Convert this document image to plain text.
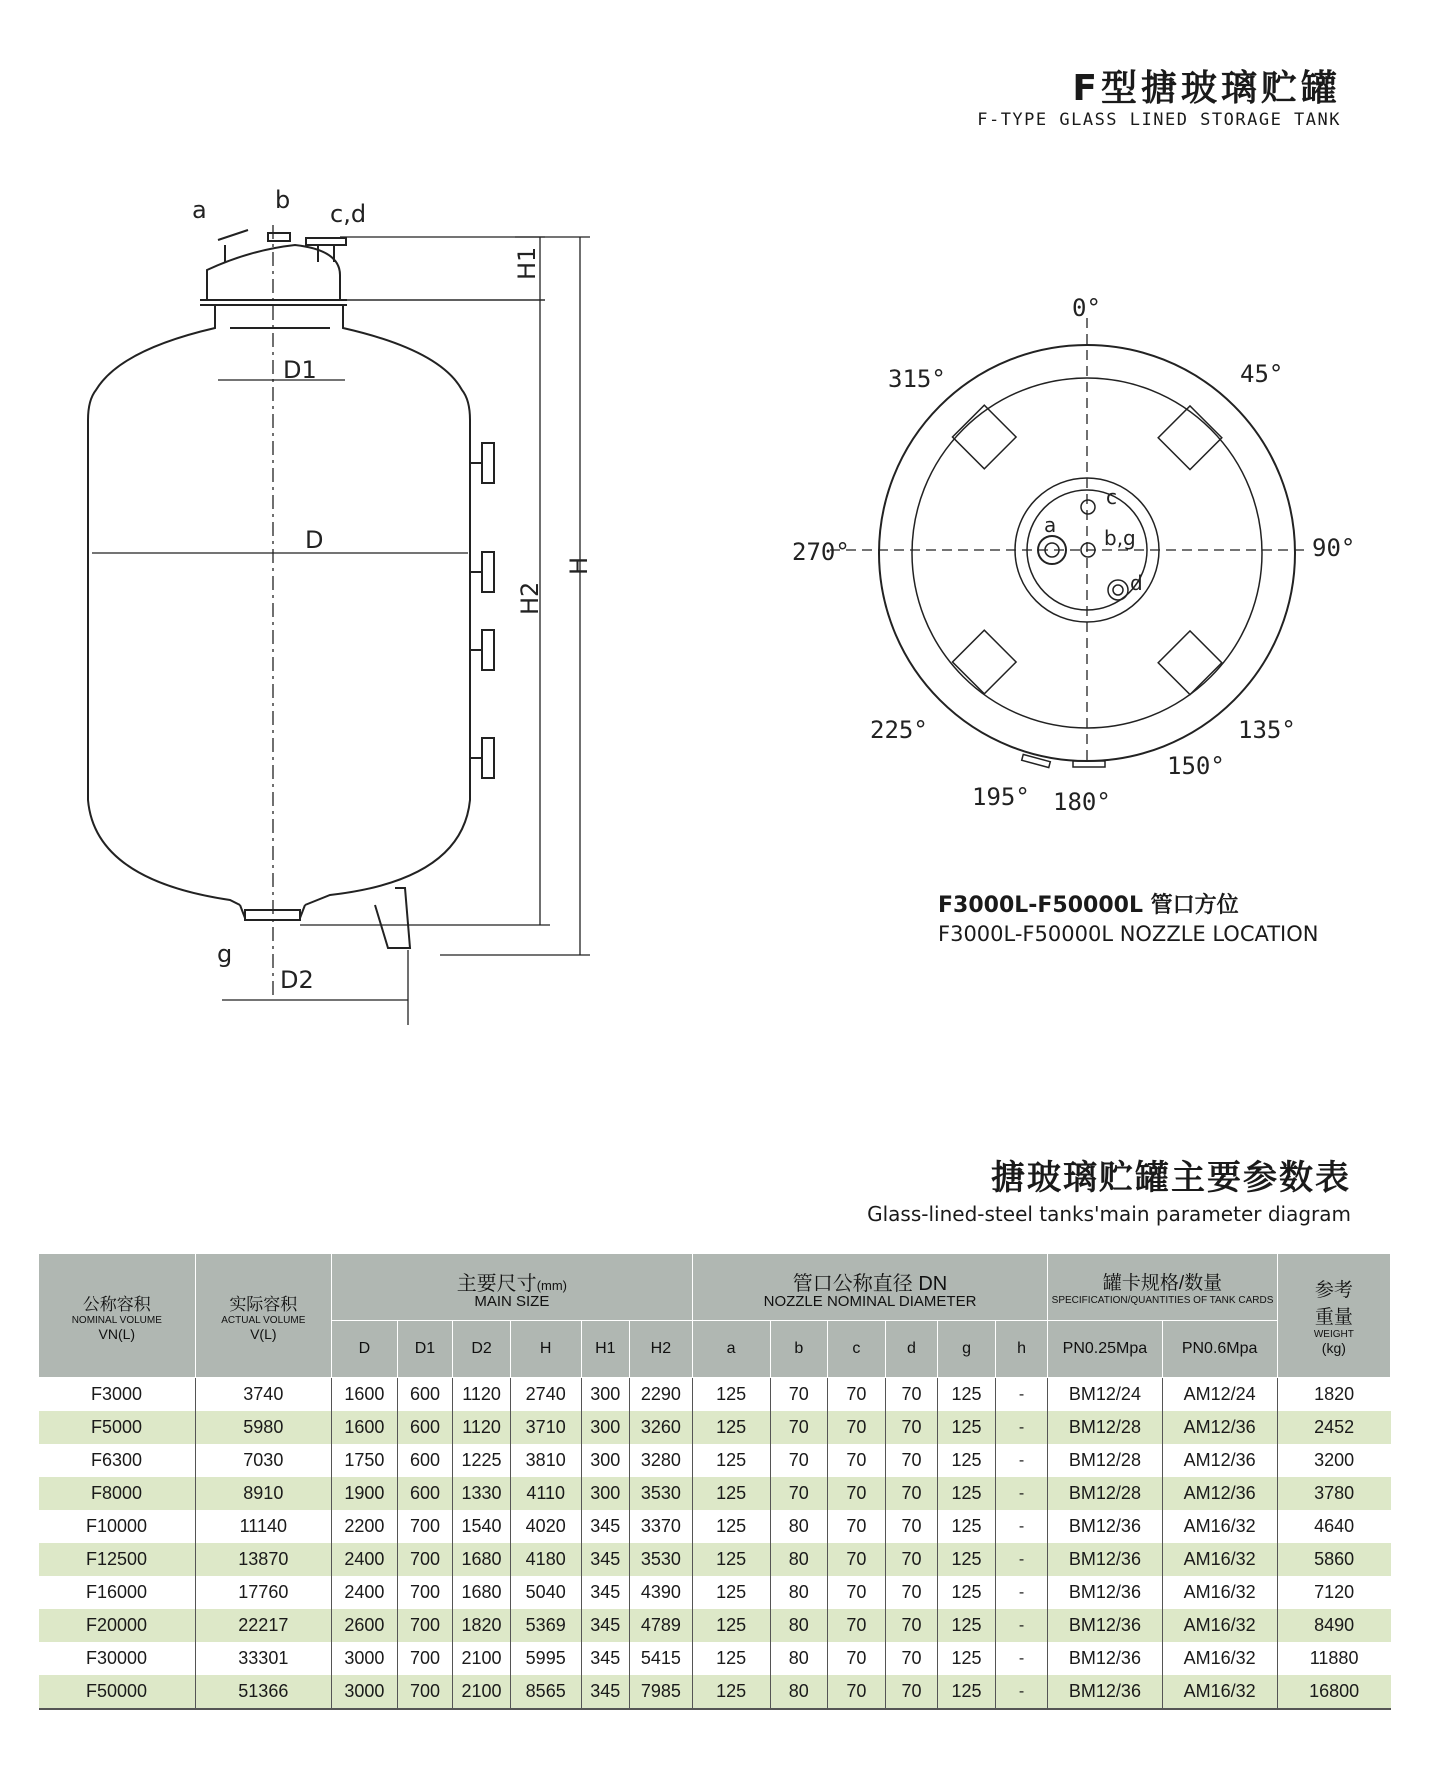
F型搪玻璃贮罐
F-TYPE GLASS LINED STORAGE TANK
a	b c,d
H1
D1
D
H2
H
g
D2
0°
45°
90°
135°
150°
180°
195°
225°
270°
315°
a
c
b,g
d
F3000L-F50000L 管口方位
F3000L-F50000L NOZZLE LOCATION
搪玻璃贮罐主要参数表
Glass-lined-steel tanks'main parameter diagram
公称容积
NOMINAL VOLUME
VN(L)	实际容积
ACTUAL VOLUME
V(L)	主要尺寸(mm)
MAIN SIZE						管口公称直径 DN
NOZZLE NOMINAL DIAMETER						罐卡规格/数量
SPECIFICATION/QUANTITIES OF TANK CARDS		参考
重量
WEIGHT
(kg)

		D	D1	D2	H	H1	H2	a	b	c	d	g	h	PN0.25Mpa	PN0.6Mpa	
F3000	3740	1600	600	1120	2740	300	2290	125	70	70	70	125	-	BM12/24	AM12/24	1820
F5000	5980	1600	600	1120	3710	300	3260	125	70	70	70	125	-	BM12/28	AM12/36	2452
F6300	7030	1750	600	1225	3810	300	3280	125	70	70	70	125	-	BM12/28	AM12/36	3200
F8000	8910	1900	600	1330	4110	300	3530	125	70	70	70	125	-	BM12/28	AM12/36	3780
F10000	11140	2200	700	1540	4020	345	3370	125	80	70	70	125	-	BM12/36	AM16/32	4640
F12500	13870	2400	700	1680	4180	345	3530	125	80	70	70	125	-	BM12/36	AM16/32	5860
F16000	17760	2400	700	1680	5040	345	4390	125	80	70	70	125	-	BM12/36	AM16/32	7120
F20000	22217	2600	700	1820	5369	345	4789	125	80	70	70	125	-	BM12/36	AM16/32	8490
F30000	33301	3000	700	2100	5995	345	5415	125	80	70	70	125	-	BM12/36	AM16/32	11880
F50000	51366	3000	700	2100	8565	345	7985	125	80	70	70	125	-	BM12/36	AM16/32	16800
